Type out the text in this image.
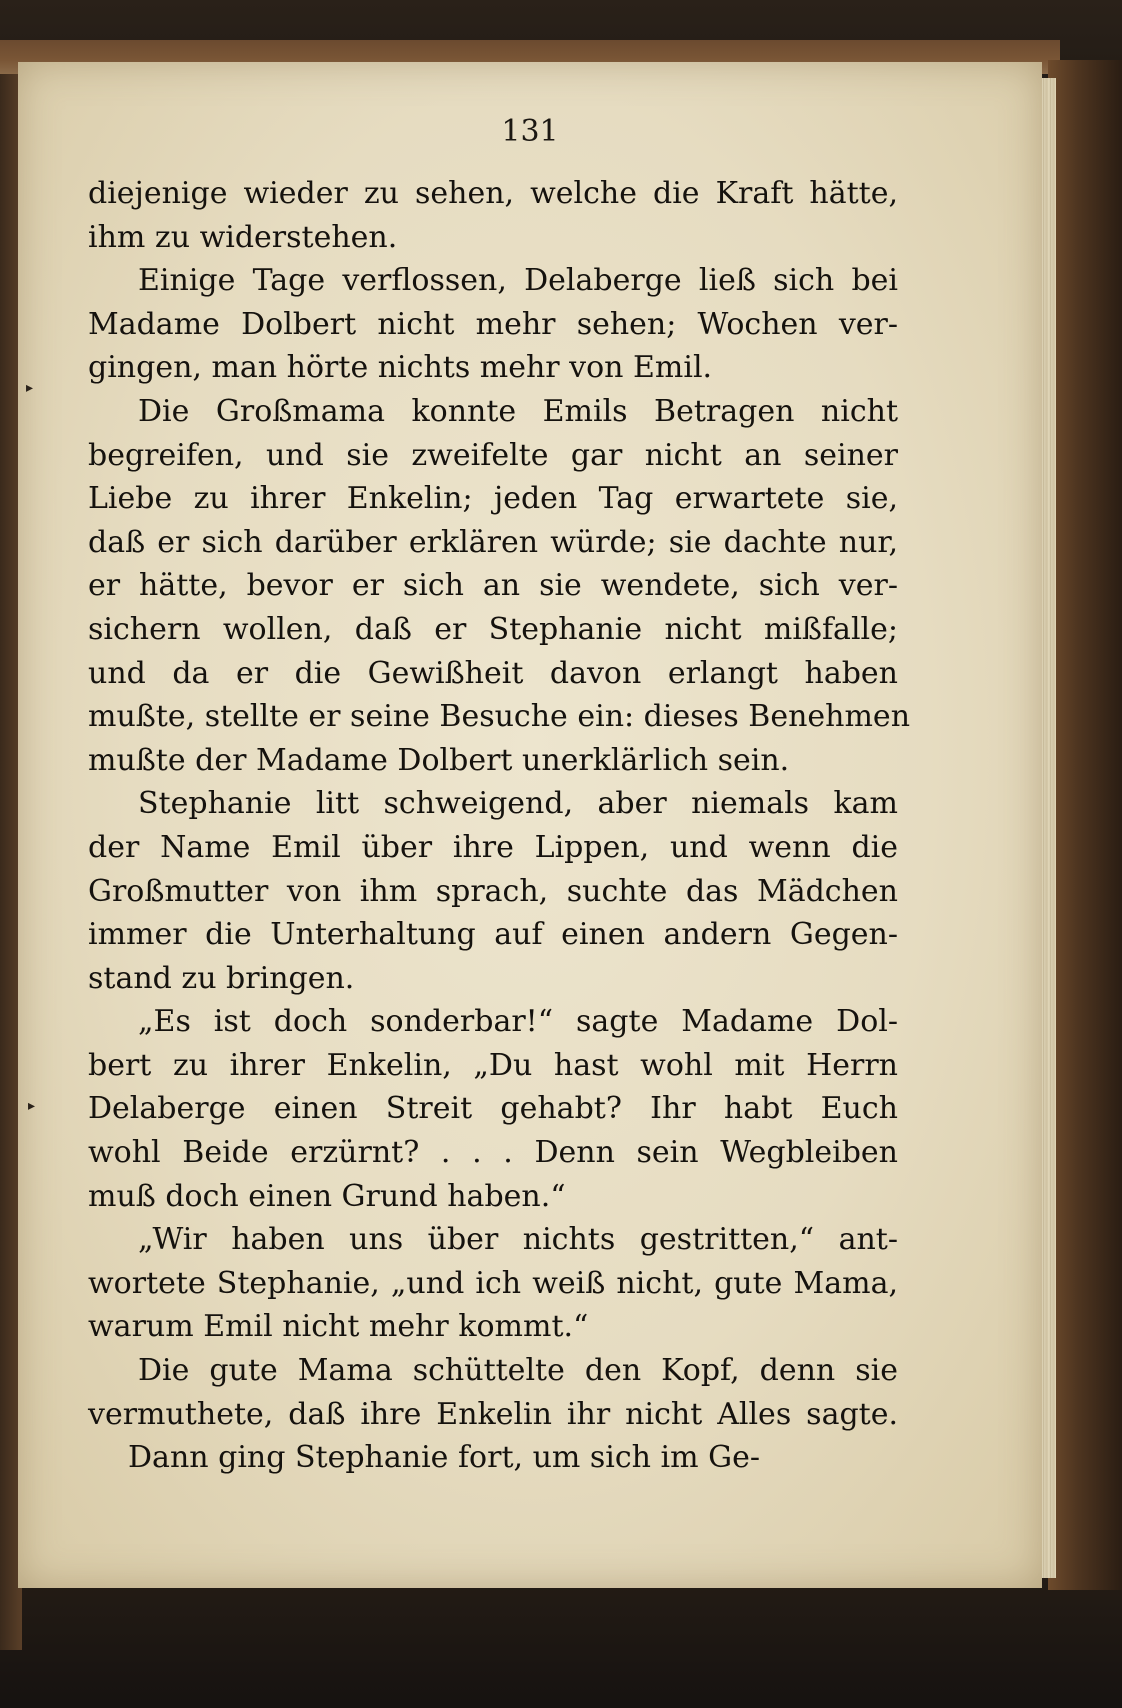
131
diejenige wieder zu sehen, welche die Kraft hätte,
ihm zu widerstehen.
Einige Tage verflossen, Delaberge ließ sich bei
Madame Dolbert nicht mehr sehen; Wochen ver-
gingen, man hörte nichts mehr von Emil.
Die Großmama konnte Emils Betragen nicht
begreifen, und sie zweifelte gar nicht an seiner
Liebe zu ihrer Enkelin; jeden Tag erwartete sie,
daß er sich darüber erklären würde; sie dachte nur,
er hätte, bevor er sich an sie wendete, sich ver-
sichern wollen, daß er Stephanie nicht mißfalle;
und da er die Gewißheit davon erlangt haben
mußte, stellte er seine Besuche ein: dieses Benehmen
mußte der Madame Dolbert unerklärlich sein.
Stephanie litt schweigend, aber niemals kam
der Name Emil über ihre Lippen, und wenn die
Großmutter von ihm sprach, suchte das Mädchen
immer die Unterhaltung auf einen andern Gegen-
stand zu bringen.
„Es ist doch sonderbar!“ sagte Madame Dol-
bert zu ihrer Enkelin, „Du hast wohl mit Herrn
Delaberge einen Streit gehabt? Ihr habt Euch
wohl Beide erzürnt? . . . Denn sein Wegbleiben
muß doch einen Grund haben.“
„Wir haben uns über nichts gestritten,“ ant-
wortete Stephanie, „und ich weiß nicht, gute Mama,
warum Emil nicht mehr kommt.“
Die gute Mama schüttelte den Kopf, denn sie
vermuthete, daß ihre Enkelin ihr nicht Alles sagte.
Dann ging Stephanie fort, um sich im Ge-
▸
▸
